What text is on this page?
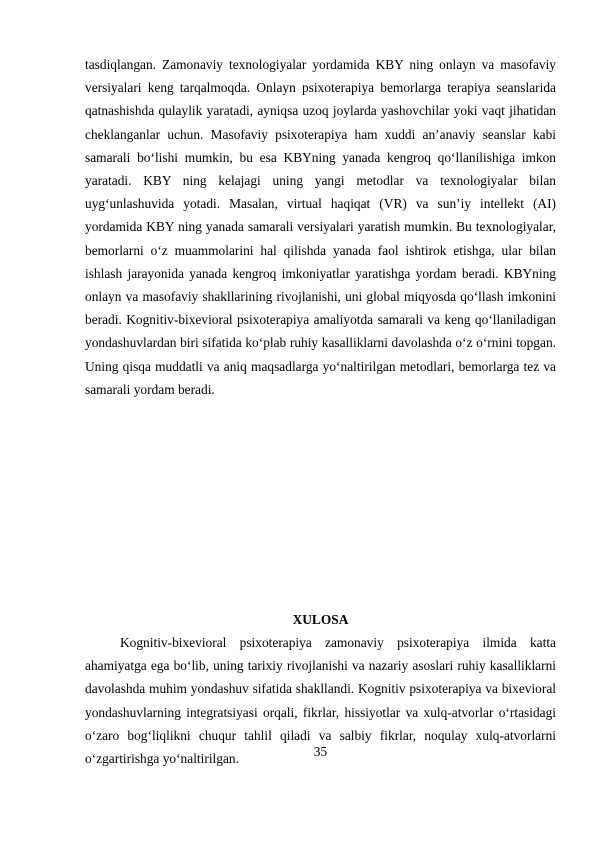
tasdiqlangan. Zamonaviy texnologiyalar yordamida KBY ning onlayn va masofaviy versiyalari keng tarqalmoqda. Onlayn psixoterapiya bemorlarga terapiya seanslarida qatnashishda qulaylik yaratadi, ayniqsa uzoq joylarda yashovchilar yoki vaqt jihatidan cheklanganlar uchun. Masofaviy psixoterapiya ham xuddi an’anaviy seanslar kabi samarali bo‘lishi mumkin, bu esa KBYning yanada kengroq qo‘llanilishiga imkon yaratadi. KBY ning kelajagi uning yangi metodlar va texnologiyalar bilan uyg‘unlashuvida yotadi. Masalan, virtual haqiqat (VR) va sun’iy intellekt (AI) yordamida KBY ning yanada samarali versiyalari yaratish mumkin. Bu texnologiyalar, bemorlarni o‘z muammolarini hal qilishda yanada faol ishtirok etishga, ular bilan ishlash jarayonida yanada kengroq imkoniyatlar yaratishga yordam beradi. KBYning onlayn va masofaviy shakllarining rivojlanishi, uni global miqyosda qo‘llash imkonini beradi. Kognitiv-bixevioral psixoterapiya amaliyotda samarali va keng qo‘llaniladigan yondashuvlardan biri sifatida ko‘plab ruhiy kasalliklarni davolashda o‘z o‘rnini topgan. Uning qisqa muddatli va aniq maqsadlarga yo‘naltirilgan metodlari, bemorlarga tez va samarali yordam beradi.

XULOSA

Kognitiv-bixevioral psixoterapiya zamonaviy psixoterapiya ilmida katta ahamiyatga ega bo‘lib, uning tarixiy rivojlanishi va nazariy asoslari ruhiy kasalliklarni davolashda muhim yondashuv sifatida shakllandi. Kognitiv psixoterapiya va bixevioral yondashuvlarning integratsiyasi orqali, fikrlar, hissiyotlar va xulq-atvorlar o‘rtasidagi o‘zaro bog‘liqlikni chuqur tahlil qiladi va salbiy fikrlar, noqulay xulq-atvorlarni o‘zgartirishga yo‘naltirilgan.	35
